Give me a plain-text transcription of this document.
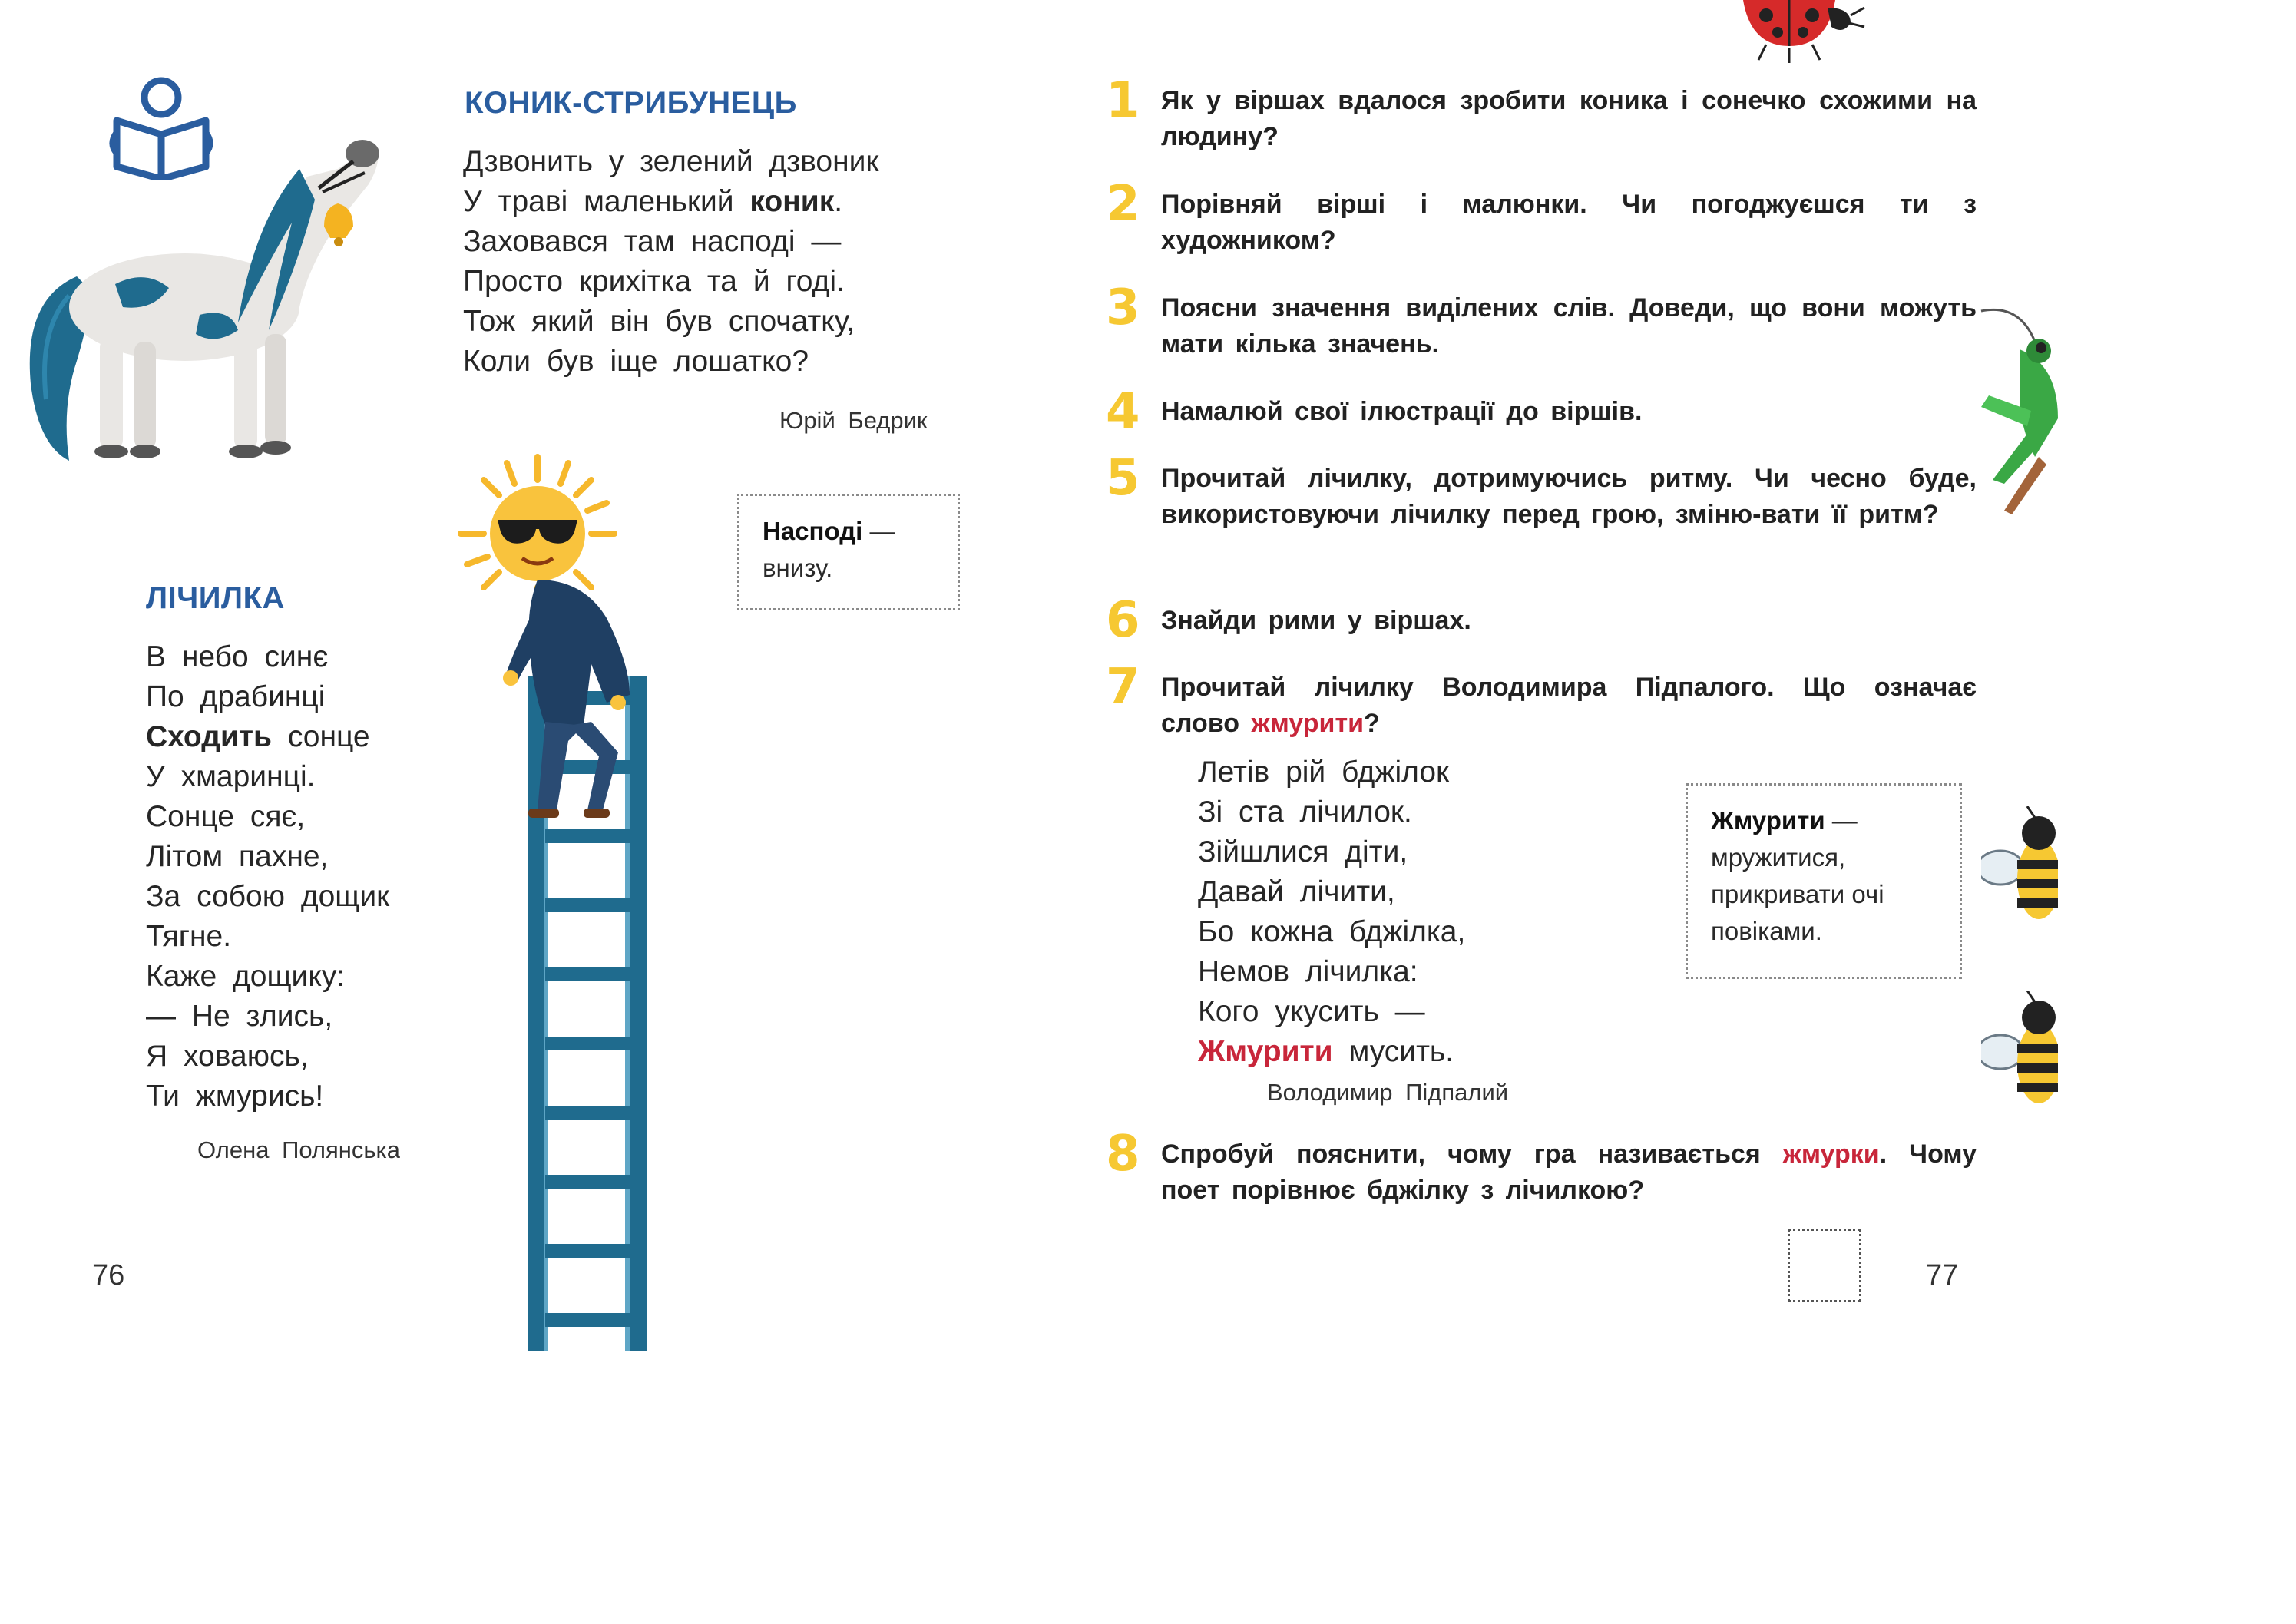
КОНИК-СТРИБУНЕЦЬ
Дзвонить у зелений дзвоник
У траві маленький коник.
Заховався там насподі —
Просто крихітка та й годі.
Тож який він був спочатку,
Коли був іще лошатко?
Юрій Бедрик
Насподі —
внизу.
ЛІЧИЛКА
В небо синє
По драбинці
Сходить сонце
У хмаринці.
Сонце сяє,
Літом пахне,
За собою дощик
Тягне.
Каже дощику:
— Не злись,
Я ховаюсь,
Ти жмурись!
Олена Полянська
76
1 Як у віршах вдалося зробити коника і сонечко схожими на людину?
2 Порівняй вірші і малюнки. Чи погоджуєшся ти з художником?
3 Поясни значення виділених слів. Доведи, що вони можуть мати кілька значень.
4 Намалюй свої ілюстрації до віршів.
5 Прочитай лічилку, дотримуючись ритму. Чи чесно буде, використовуючи лічилку перед грою, зміню-вати її ритм?
6 Знайди рими у віршах.
7 Прочитай лічилку Володимира Підпалого. Що означає слово жмурити?
Летів рій бджілок
Зі ста лічилок.
Зійшлися діти,
Давай лічити,
Бо кожна бджілка,
Немов лічилка:
Кого укусить —
Жмурити мусить.
Володимир Підпалий
Жмурити —
мружитися, прикривати очі повіками.
8 Спробуй пояснити, чому гра називається жмурки. Чому поет порівнює бджілку з лічилкою?
77
